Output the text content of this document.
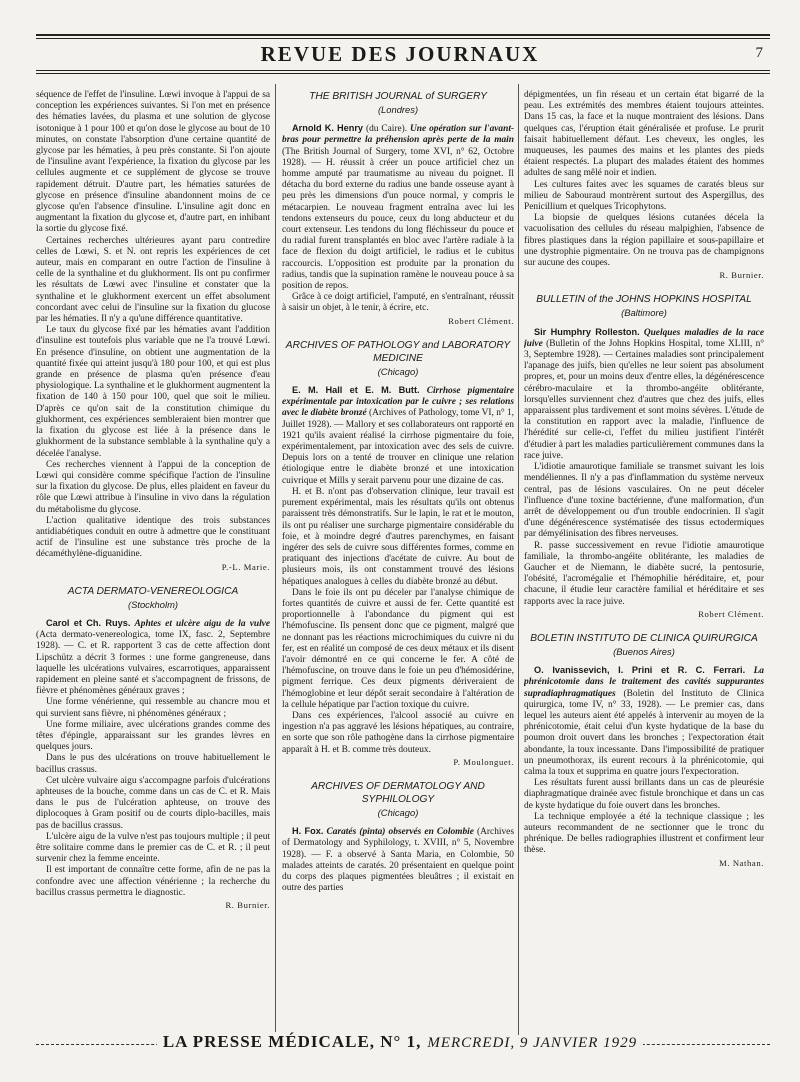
REVUE DES JOURNAUX	7

séquence de l'effet de l'insuline. Lœwi invoque à l'appui de sa conception les expériences suivantes. Si l'on met en présence des hématies lavées, du plasma et une solution de glycose isotonique à 1 pour 100 et qu'on dose le glycose au bout de 10 minutes, on constate l'absorption d'une certaine quantité de glycose par les hématies, à peu près constante. Si l'on ajoute de l'insuline avant l'expérience, la fixation du glycose par les cellules augmente et ce supplément de glycose se trouve rapidement détruit. D'autre part, les hématies saturées de glycose en présence d'insuline abandonnent moins de ce glycose qu'en l'absence d'insuline. L'insuline agit donc en augmentant la fixation du glycose et, d'autre part, en inhibant la sortie du glycose fixé.

Certaines recherches ultérieures ayant paru contredire celles de Lœwi, S. et N. ont repris les expériences de cet auteur, mais en comparant en outre l'action de l'insuline à celle de la synthaline et du glukhorment. Ils ont pu confirmer les résultats de Lœwi avec l'insuline et constater que la synthaline et le glukhorment exercent un effet absolument concordant avec celui de l'insuline sur la fixation du glucose par les hématies. Il n'y a qu'une différence quantitative.

Le taux du glycose fixé par les hématies avant l'addition d'insuline est toutefois plus variable que ne l'a trouvé Lœwi. En présence d'insuline, on obtient une augmentation de la quantité fixée qui atteint jusqu'à 180 pour 100, et qui est plus grande en présence de plasma qu'en présence d'eau physiologique. La synthaline et le glukhorment augmentent la fixation de 140 à 150 pour 100, quel que soit le milieu. D'après ce qu'on sait de la constitution chimique du glukhorment, ces expériences sembleraient bien montrer que la fixation du glycose est liée à la présence dans le glukhorment de la substance semblable à la synthaline qu'y a décelée l'analyse.

Ces recherches viennent à l'appui de la conception de Lœwi qui considère comme spécifique l'action de l'insuline sur la fixation du glycose. De plus, elles plaident en faveur du rôle que Lœwi attribue à l'insuline in vivo dans la régulation du métabolisme du glycose.

L'action qualitative identique des trois substances antidiabétiques conduit en outre à admettre que le constituant actif de l'insuline est une substance très proche de la décaméthylène-diguanidine.

P.-L. Marie.
ACTA DERMATO-VENEREOLOGICA
(Stockholm)

Carol et Ch. Ruys. Aphtes et ulcère aigu de la vulve (Acta dermato-venereologica, tome IX, fasc. 2, Septembre 1928). — C. et R. rapportent 3 cas de cette affection dont Lipschütz a décrit 3 formes : une forme gangreneuse, dans laquelle les ulcérations vulvaires, escarrotiques, apparaissent rapidement en pleine santé et s'accompagnent de frissons, de fièvre et phénomènes généraux graves ;

Une forme vénérienne, qui ressemble au chancre mou et qui survient sans fièvre, ni phénomènes généraux ;

Une forme miliaire, avec ulcérations grandes comme des têtes d'épingle, apparaissant sur les grandes lèvres en quelques jours.

Dans le pus des ulcérations on trouve habituellement le bacillus crassus.

Cet ulcère vulvaire aigu s'accompagne parfois d'ulcérations aphteuses de la bouche, comme dans un cas de C. et R. Mais dans le pus de l'ulcération aphteuse, on trouve des diplocoques à Gram positif ou de courts diplo-bacilles, mais pas de bacillus crassus.

L'ulcère aigu de la vulve n'est pas toujours multiple ; il peut être solitaire comme dans le premier cas de C. et R. ; il peut survenir chez la femme enceinte.

Il est important de connaître cette forme, afin de ne pas la confondre avec une affection vénérienne ; la recherche du bacillus crassus permettra le diagnostic.

R. Burnier.
THE BRITISH JOURNAL of SURGERY
(Londres)

Arnold K. Henry (du Caire). Une opération sur l'avant-bras pour permettre la préhension après perte de la main (The British Journal of Surgery, tome XVI, n° 62, Octobre 1928). — H. réussit à créer un pouce artificiel chez un homme amputé par traumatisme au niveau du poignet. Il détacha du bord externe du radius une bande osseuse ayant à peu près les dimensions d'un pouce normal, y compris le métacarpien. Le nouveau fragment entraîna avec lui les tendons extenseurs du pouce, ceux du long abducteur et du court extenseur. Les tendons du long fléchisseur du pouce et du radial furent transplantés en bloc avec l'artère radiale à la face de flexion du doigt artificiel, le radius et le cubitus raccourcis. L'opposition est produite par la pronation du radius, tandis que la supination ramène le nouveau pouce à sa position de repos.

Grâce à ce doigt artificiel, l'amputé, en s'entraînant, réussit à saisir un objet, à le tenir, à écrire, etc.

Robert Clément.
ARCHIVES OF PATHOLOGY and LABORATORY MEDICINE
(Chicago)

E. M. Hall et E. M. Butt. Cirrhose pigmentaire expérimentale par intoxication par le cuivre ; ses relations avec le diabète bronzé (Archives of Pathology, tome VI, n° 1, Juillet 1928). — Mallory et ses collaborateurs ont rapporté en 1921 qu'ils avaient réalisé la cirrhose pigmentaire du foie, expérimentalement, par intoxication avec des sels de cuivre. Depuis lors on a tenté de trouver en clinique une relation étiologique entre le diabète bronzé et une intoxication cuivrique et Mills y serait parvenu pour une dizaine de cas.

H. et B. n'ont pas d'observation clinique, leur travail est purement expérimental, mais les résultats qu'ils ont obtenus paraissent très démonstratifs. Sur le lapin, le rat et le mouton, ils ont pu réaliser une surcharge pigmentaire considérable du foie, et à moindre degré d'autres parenchymes, en faisant ingérer des sels de cuivre sous différentes formes, comme en pratiquant des injections d'acétate de cuivre. Au bout de plusieurs mois, ils ont constamment trouvé des lésions hépatiques analogues à celles du diabète bronzé au début.

Dans le foie ils ont pu déceler par l'analyse chimique de fortes quantités de cuivre et aussi de fer. Cette quantité est proportionnelle à l'abondance du pigment qui est l'hémofuscine. Ils pensent donc que ce pigment, malgré que ne donnant pas les réactions microchimiques du cuivre ni du fer, est en réalité un composé de ces deux métaux et ils disent l'avoir démontré en ce qui concerne le fer. A côté de l'hémofuscine, on trouve dans le foie un peu d'hémosidérine, pigment ferrique. Ces deux pigments dériveraient de l'hémoglobine et leur dépôt serait secondaire à l'altération de la cellule hépatique par l'action toxique du cuivre.

Dans ces expériences, l'alcool associé au cuivre en ingestion n'a pas aggravé les lésions hépatiques, au contraire, en sorte que son rôle pathogène dans la cirrhose pigmentaire apparaît à H. et B. comme très douteux.

P. Moulonguet.
ARCHIVES OF DERMATOLOGY AND SYPHILOLOGY
(Chicago)

H. Fox. Caratés (pinta) observés en Colombie (Archives of Dermatology and Syphilology, t. XVIII, n° 5, Novembre 1928). — F. a observé à Santa Maria, en Colombie, 50 malades atteints de caratés. 20 présentaient en quelque point du corps des plaques pigmentées bleuâtres ; il existait en outre des parties

dépigmentées, un fin réseau et un certain état bigarré de la peau. Les extrémités des membres étaient toujours atteintes. Dans 15 cas, la face et la nuque montraient des lésions. Dans quelques cas, l'éruption était généralisée et profuse. Le prurit faisait habituellement défaut. Les cheveux, les ongles, les muqueuses, les paumes des mains et les plantes des pieds étaient respectés. La plupart des malades étaient des hommes adultes de sang mêlé noir et indien.

Les cultures faites avec les squames de caratés bleus sur milieu de Sabouraud montrèrent surtout des Aspergillus, des Penicillium et quelques Tricophytons.

La biopsie de quelques lésions cutanées décela la vacuolisation des cellules du réseau malpighien, l'absence de fibres plastiques dans la région papillaire et sous-papillaire et une dystrophie pigmentaire. On ne trouva pas de champignons sur aucune des coupes.

R. Burnier.
BULLETIN of the JOHNS HOPKINS HOSPITAL
(Baltimore)

Sir Humphry Rolleston. Quelques maladies de la race juive (Bulletin of the Johns Hopkins Hospital, tome XLIII, n° 3, Septembre 1928). — Certaines maladies sont principalement l'apanage des juifs, bien qu'elles ne leur soient pas absolument propres, et, pour un moins deux d'entre elles, la dégénérescence cérébro-maculaire et la thrombo-angéite oblitérante, lorsqu'elles surviennent chez d'autres que chez des juifs, elles apparaissent plus tardivement et sont moins sévères. L'étude de la constitution en rapport avec la maladie, l'influence de l'hérédité sur celle-ci, l'effet du milieu justifient l'intérêt d'étudier à part les maladies particulièrement communes dans la race juive.

L'idiotie amaurotique familiale se transmet suivant les lois mendéliennes. Il n'y a pas d'inflammation du système nerveux central, pas de lésions vasculaires. On ne peut déceler l'influence d'une toxine bactérienne, d'une malformation, d'un arrêt de développement ou d'un trouble endocrinien. Il s'agit d'une dégénérescence systématisée des tissus ectodermiques par démyélinisation des fibres nerveuses.

R. passe successivement en revue l'idiotie amaurotique familiale, la thrombo-angéite oblitérante, les maladies de Gaucher et de Niemann, le diabète sucré, la pentosurie, l'obésité, l'acromégalie et l'hémophilie héréditaire, et, pour chacune, il étudie leur caractère familial et héréditaire et ses rapports avec la race juive.

Robert Clément.
BOLETIN INSTITUTO DE CLINICA QUIRURGICA
(Buenos Aires)

O. Ivanissevich, I. Prini et R. C. Ferrari. La phrénicotomie dans le traitement des cavités suppurantes supradiaphragmatiques (Boletin del Instituto de Clinica quirurgica, tome IV, n° 33, 1928). — Le premier cas, dans lequel les auteurs aient été appelés à intervenir au moyen de la phrénicotomie, était celui d'un kyste hydatique de la base du poumon droit ouvert dans les bronches ; l'expectoration était abondante, la toux incessante. Dans l'impossibilité de pratiquer un pneumothorax, ils eurent recours à la phrénicotomie, qui calma la toux et supprima en quatre jours l'expectoration.

Les résultats furent aussi brillants dans un cas de pleurésie diaphragmatique drainée avec fistule bronchique et dans un cas de kyste hydatique du foie ouvert dans les bronches.

La technique employée a été la technique classique ; les auteurs recommandent de ne sectionner que le tronc du phrénique. De belles radiographies illustrent et confirment leur thèse.

M. Nathan.
LA PRESSE MÉDICALE, N° 1, MERCREDI, 9 JANVIER 1929
